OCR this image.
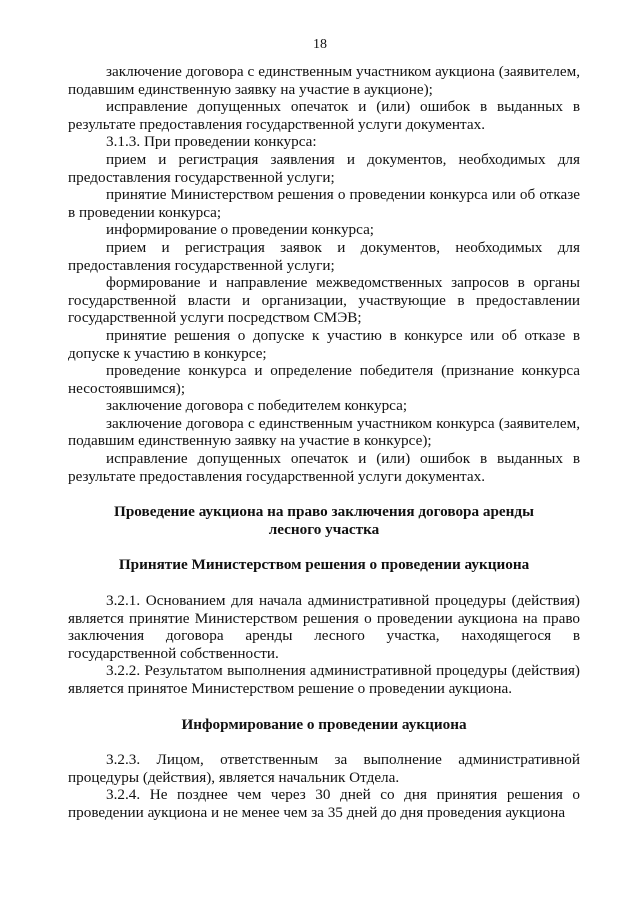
18

заключение договора с единственным участником аукциона (заявителем, подавшим единственную заявку на участие в аукционе);

исправление допущенных опечаток и (или) ошибок в выданных в результате предоставления государственной услуги документах.

3.1.3. При проведении конкурса:

прием и регистрация заявления и документов, необходимых для предоставления государственной услуги;

принятие Министерством решения о проведении конкурса или об отказе в проведении конкурса;

информирование о проведении конкурса;

прием и регистрация заявок и документов, необходимых для предоставления государственной услуги;

формирование и направление межведомственных запросов в органы государственной власти и организации, участвующие в предоставлении государственной услуги посредством СМЭВ;

принятие решения о допуске к участию в конкурсе или об отказе в допуске к участию в конкурсе;

проведение конкурса и определение победителя (признание конкурса несостоявшимся);

заключение договора с победителем конкурса;

заключение договора с единственным участником конкурса (заявителем, подавшим единственную заявку на участие в конкурсе);

исправление допущенных опечаток и (или) ошибок в выданных в результате предоставления государственной услуги документах.

Проведение аукциона на право заключения договора аренды лесного участка

Принятие Министерством решения о проведении аукциона

3.2.1. Основанием для начала административной процедуры (действия) является принятие Министерством решения о проведении аукциона на право заключения договора аренды лесного участка, находящегося в государственной собственности.

3.2.2. Результатом выполнения административной процедуры (действия) является принятое Министерством решение о проведении аукциона.

Информирование о проведении аукциона

3.2.3. Лицом, ответственным за выполнение административной процедуры (действия), является начальник Отдела.

3.2.4. Не позднее чем через 30 дней со дня принятия решения о проведении аукциона и не менее чем за 35 дней до дня проведения аукциона
